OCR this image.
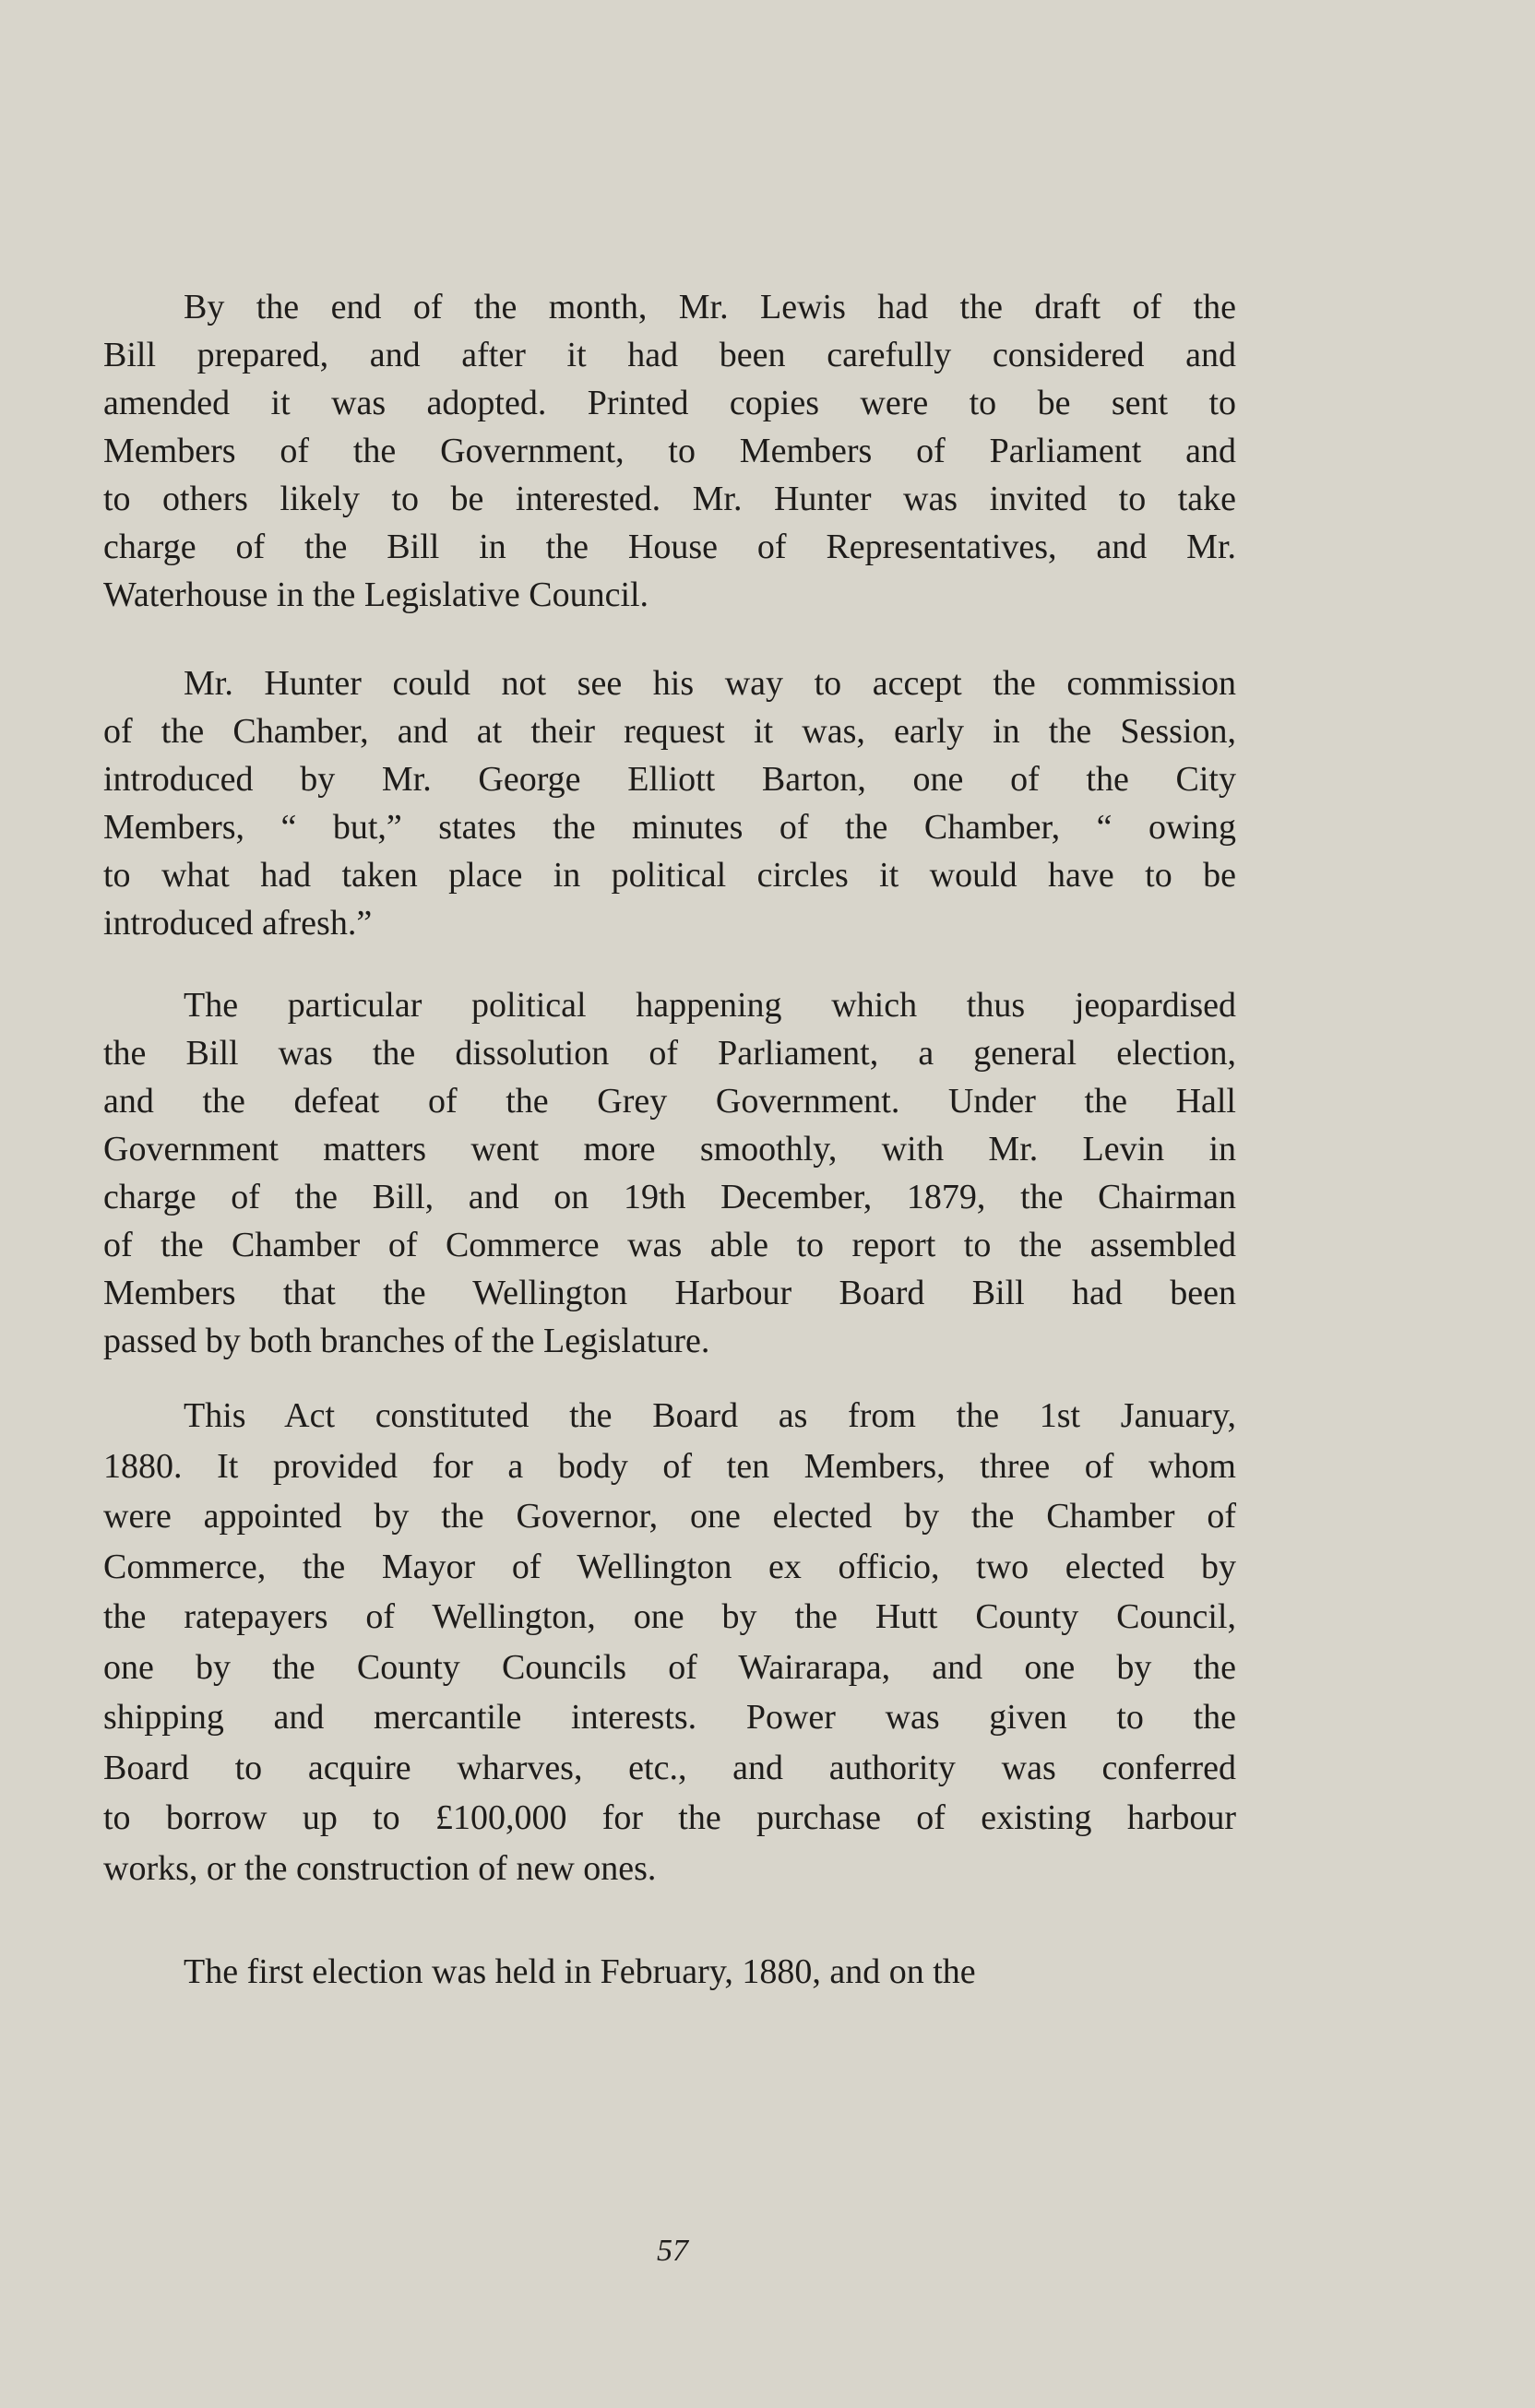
By the end of the month, Mr. Lewis had the draft of the
Bill prepared, and after it had been carefully considered and
amended it was adopted. Printed copies were to be sent to
Members of the Government, to Members of Parliament and
to others likely to be interested. Mr. Hunter was invited to take
charge of the Bill in the House of Representatives, and Mr.
Waterhouse in the Legislative Council.
Mr. Hunter could not see his way to accept the commission
of the Chamber, and at their request it was, early in the Session,
introduced by Mr. George Elliott Barton, one of the City
Members, “ but,” states the minutes of the Chamber, “ owing
to what had taken place in political circles it would have to be
introduced afresh.”
The particular political happening which thus jeopardised
the Bill was the dissolution of Parliament, a general election,
and the defeat of the Grey Government. Under the Hall
Government matters went more smoothly, with Mr. Levin in
charge of the Bill, and on 19th December, 1879, the Chairman
of the Chamber of Commerce was able to report to the assembled
Members that the Wellington Harbour Board Bill had been
passed by both branches of the Legislature.
This Act constituted the Board as from the 1st January,
1880. It provided for a body of ten Members, three of whom
were appointed by the Governor, one elected by the Chamber of
Commerce, the Mayor of Wellington ex officio, two elected by
the ratepayers of Wellington, one by the Hutt County Council,
one by the County Councils of Wairarapa, and one by the
shipping and mercantile interests. Power was given to the
Board to acquire wharves, etc., and authority was conferred
to borrow up to £100,000 for the purchase of existing harbour
works, or the construction of new ones.
The first election was held in February, 1880, and on the
57
